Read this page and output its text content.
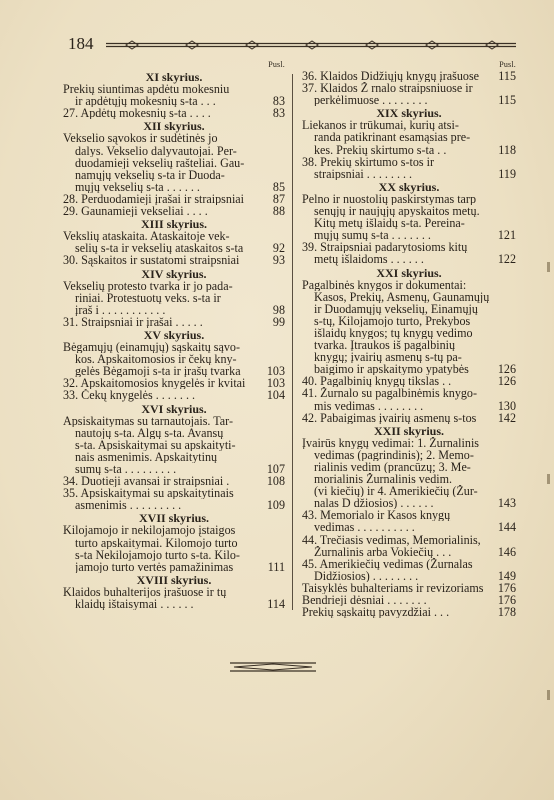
184
Pusl.
XI skyrius.
Prekių siuntimas apdėtu mokesniu
ir apdėtųjų mokesnių s-ta . . .	83
27. Apdėtų mokesnių s-ta . . . .	83
XII skyrius.
Vekselio sąvokos ir sudėtinės jo
dalys. Vekselio dalyvautojai. Per-
duodamieji vekselių rašteliai. Gau-
namųjų vekselių s-ta ir Duoda-
mųjų vekselių s-ta . . . . . .	85
28. Perduodamieji įrašai ir straipsniai	87
29. Gaunamieji vekseliai . . . .	88
XIII skyrius.
Vekslių ataskaita. Ataskaitoje vek-
selių s-ta ir vekselių ataskaitos s-ta	92
30. Sąskaitos ir sustatomi straipsniai	93
XIV skyrius.
Vekselių protesto tvarka ir jo pada-
riniai. Protestuotų veks. s-ta ir
įraš i . . . . . . . . . . .	98
31. Straipsniai ir įrašai . . . . .	99
XV skyrius.
Bėgamųjų (einamųjų) sąskaitų sąvo-
kos. Apskaitomosios ir čekų kny-
gelės Bėgamoji s-ta ir įrašų tvarka	103
32. Apskaitomosios knygelės ir kvitai	103
33. Čekų knygelės . . . . . . .	104
XVI skyrius.
Apsiskaitymas su tarnautojais. Tar-
nautojų s-ta. Algų s-ta. Avansų
s-ta. Apsiskaitymai su apskaityti-
nais asmenimis. Apskaitytinų
sumų s-ta . . . . . . . . .	107
34. Duotieji avansai ir straipsniai .	108
35. Apsiskaitymai su apskaitytinais
asmenimis . . . . . . . . .	109
XVII skyrius.
Kilojamojo ir nekilojamojo įstaigos
turto apskaitymai. Kilomojo turto
s-ta Nekilojamojo turto s-ta. Kilo-
jamojo turto vertės pamažinimas	111
XVIII skyrius.
Klaidos buhalterijos įrašuose ir tų
klaidų ištaisymai . . . . . .	114
Pusl.
36. Klaidos Didžiųjų knygų įrašuose	115
37. Klaidos Ž rnalo straipsniuose ir
perkėlimuose . . . . . . . .	115
XIX skyrius.
Liekanos ir trūkumai, kurių atsi-
randa patikrinant esamąsias pre-
kes. Prekių skirtumo s-ta . .	118
38. Prekių skirtumo s-tos ir
straipsniai . . . . . . . .	119
XX skyrius.
Pelno ir nuostolių paskirstymas tarp
senųjų ir naujųjų apyskaitos metų.
Kitų metų išlaidų s-ta. Pereina-
mųjų sumų s-ta . . . . . . .	121
39. Straipsniai padarytosioms kitų
metų išlaidoms . . . . . .	122
XXI skyrius.
Pagalbinės knygos ir dokumentai:
Kasos, Prekių, Asmenų, Gaunamųjų
ir Duodamųjų vekselių, Einamųjų
s-tų, Kilojamojo turto, Prekybos
išlaidų knygos; tų knygų vedimo
tvarka. Įtraukos iš pagalbinių
knygų; įvairių asmenų s-tų pa-
baigimo ir apskaitymo ypatybės	126
40. Pagalbinių knygų tikslas . .	126
41. Žurnalo su pagalbinėmis knygo-
mis vedimas . . . . . . . .	130
42. Pabaigimas įvairių asmenų s-tos	142
XXII skyrius.
Įvairūs knygų vedimai: 1. Žurnalinis
vedimas (pagrindinis); 2. Memo-
rialinis vedim (prancūzų; 3. Me-
morialinis Žurnalinis vedim.
(vi kiečių) ir 4. Amerikiečių (Žur-
nalas D džiosios) . . . . . .	143
43. Memorialo ir Kasos knygų
vedimas . . . . . . . . . .	144
44. Trečiasis vedimas, Memorialinis,
Žurnalinis arba Vokiečių . . .	146
45. Amerikiečių vedimas (Žurnalas
Didžiosios) . . . . . . . .	149
Taisyklės buhalteriams ir revizoriams	176
Bendrieji dėsniai . . . . . . .	176
Prekių sąskaitų pavyzdžiai . . .	178
